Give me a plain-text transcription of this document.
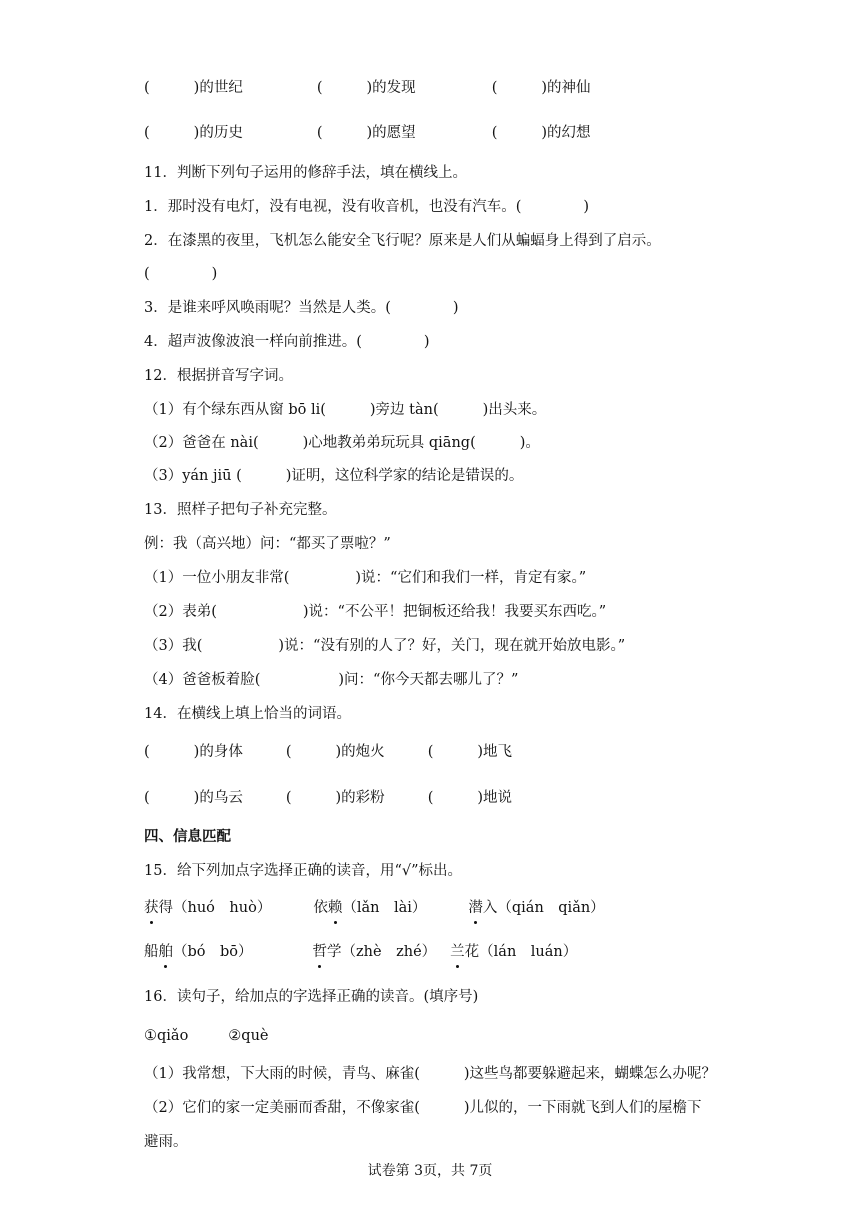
(	)的世纪	(	)的发现	(	)的神仙
(	)的历史	(	)的愿望	(	)的幻想
11．判断下列句子运用的修辞手法，填在横线上。
1．那时没有电灯，没有电视，没有收音机，也没有汽车。(	)
2．在漆黑的夜里，飞机怎么能安全飞行呢？原来是人们从蝙蝠身上得到了启示。
(	)
3．是谁来呼风唤雨呢？当然是人类。(	)
4．超声波像波浪一样向前推进。(	)
12．根据拼音写字词。
（1）有个绿东西从窗 bō li(	)旁边 tàn(	)出头来。
（2）爸爸在 nài(	)心地教弟弟玩玩具 qiāng(	)。
（3）yán jiū (	)证明，这位科学家的结论是错误的。
13．照样子把句子补充完整。
例：我（高兴地）问：“都买了票啦？”
（1）一位小朋友非常(	)说：“它们和我们一样，肯定有家。”
（2）表弟(	)说：“不公平！把铜板还给我！我要买东西吃。”
（3）我(	)说：“没有别的人了？好，关门，现在就开始放电影。”
（4）爸爸板着脸(	)问：“你今天都去哪儿了？”
14．在横线上填上恰当的词语。
(	)的身体	(	)的炮火	(	)地飞
(	)的乌云	(	)的彩粉	(	)地说
四、信息匹配
15．给下列加点字选择正确的读音，用“√”标出。
获得（huó　huò）	依赖（lǎn　lài）	潜入（qián　qiǎn）
船舶（bó　bō）	哲学（zhè　zhé） 兰花（lán　luán）
16．读句子，给加点的字选择正确的读音。(填序号)
①qiǎo	②què
（1）我常想，下大雨的时候，青鸟、麻雀(	)这些鸟都要躲避起来，蝴蝶怎么办呢？
（2）它们的家一定美丽而香甜，不像家雀(	)儿似的，一下雨就飞到人们的屋檐下
避雨。
试卷第 3页，共 7页
